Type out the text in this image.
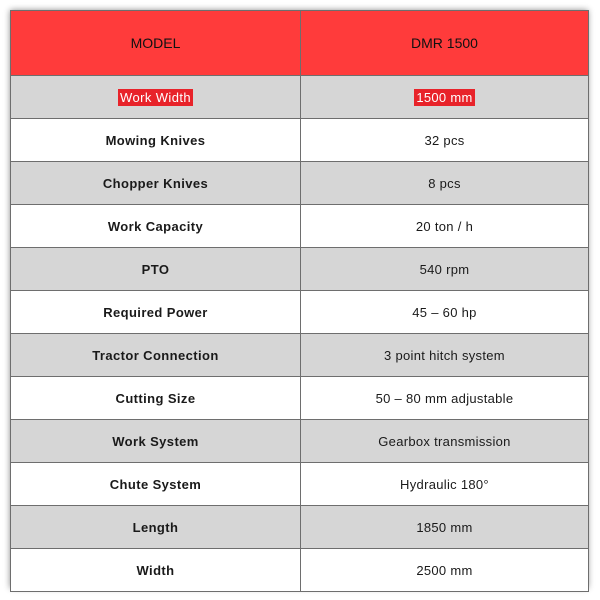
MODEL	DMR 1500
Work Width	1500 mm
Mowing Knives	32 pcs
Chopper Knives	8 pcs
Work Capacity	20 ton / h
PTO	540 rpm
Required Power	45 – 60 hp
Tractor Connection	3 point hitch system
Cutting Size	50 – 80 mm adjustable
Work System	Gearbox transmission
Chute System	Hydraulic 180°
Length	1850 mm
Width	2500 mm
